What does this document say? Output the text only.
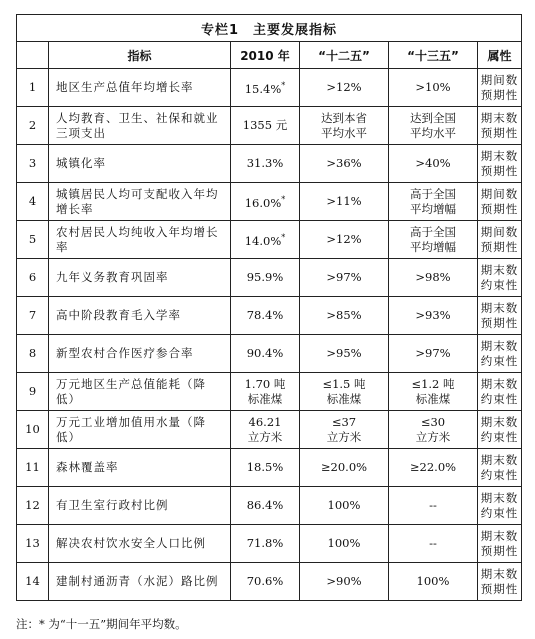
专栏1　主要发展指标					
	指标	2010 年	“十二五”	“十三五”	属性
1	地区生产总值年均增长率	15.4%*	>12%	>10%	期间数
预期性
2	人均教育、卫生、社保和就业三项支出	1355 元	达到本省
平均水平	达到全国
平均水平	期末数
预期性
3	城镇化率	31.3%	>36%	>40%	期末数
预期性
4	城镇居民人均可支配收入年均增长率	16.0%*	>11%	高于全国
平均增幅	期间数
预期性
5	农村居民人均纯收入年均增长率	14.0%*	>12%	高于全国
平均增幅	期间数
预期性
6	九年义务教育巩固率	95.9%	>97%	>98%	期末数
约束性
7	高中阶段教育毛入学率	78.4%	>85%	>93%	期末数
预期性
8	新型农村合作医疗参合率	90.4%	>95%	>97%	期末数
约束性
9	万元地区生产总值能耗（降低）	1.70 吨
标准煤	≤1.5 吨
标准煤	≤1.2 吨
标准煤	期末数
约束性
10	万元工业增加值用水量（降低）	46.21
立方米	≤37
立方米	≤30
立方米	期末数
约束性
11	森林覆盖率	18.5%	≥20.0%	≥22.0%	期末数
约束性
12	有卫生室行政村比例	86.4%	100%	--	期末数
约束性
13	解决农村饮水安全人口比例	71.8%	100%	--	期末数
预期性
14	建制村通沥青（水泥）路比例	70.6%	>90%	100%	期末数
预期性
注：* 为“十一五”期间年平均数。
